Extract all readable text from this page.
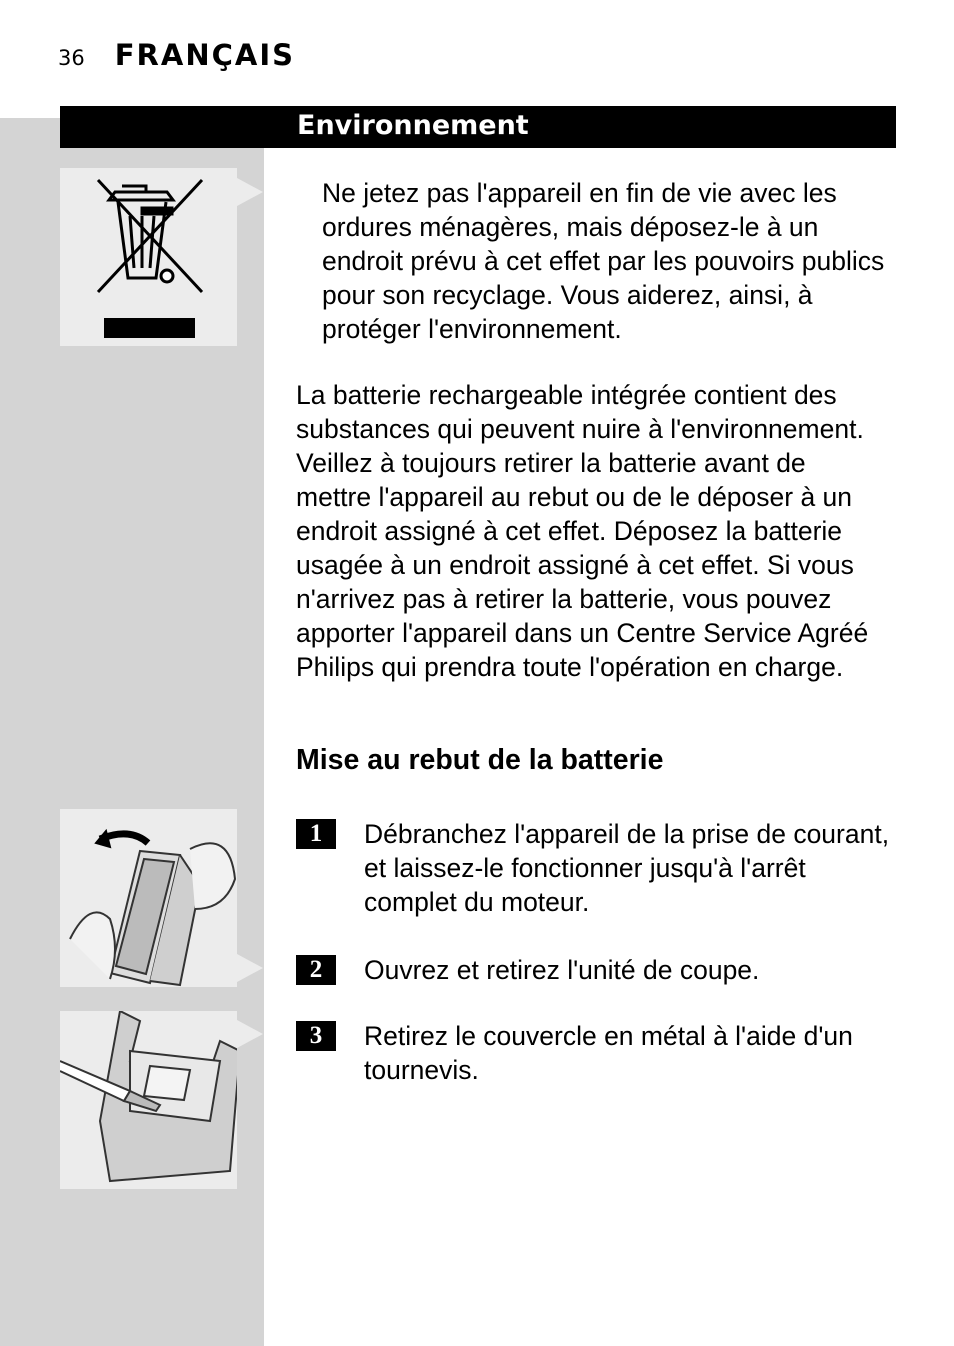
36 FRANÇAIS
Environnement

Ne jetez pas l'appareil en fin de vie avec les ordures ménagères, mais déposez-le à un endroit prévu à cet effet par les pouvoirs publics pour son recyclage. Vous aiderez, ainsi, à protéger l'environnement.

La batterie rechargeable intégrée contient des substances qui peuvent nuire à l'environnement. Veillez à toujours retirer la batterie avant de mettre l'appareil au rebut ou de le déposer à un endroit assigné à cet effet. Déposez la batterie usagée à un endroit assigné à cet effet. Si vous n'arrivez pas à retirer la batterie, vous pouvez apporter l'appareil dans un Centre Service Agréé Philips qui prendra toute l'opération en charge.

Mise au rebut de la batterie
1	Débranchez l'appareil de la prise de courant, et laissez-le fonctionner jusqu'à l'arrêt complet du moteur.

2	Ouvrez et retirez l'unité de coupe.

3	Retirez le couvercle en métal à l'aide d'un tournevis.
